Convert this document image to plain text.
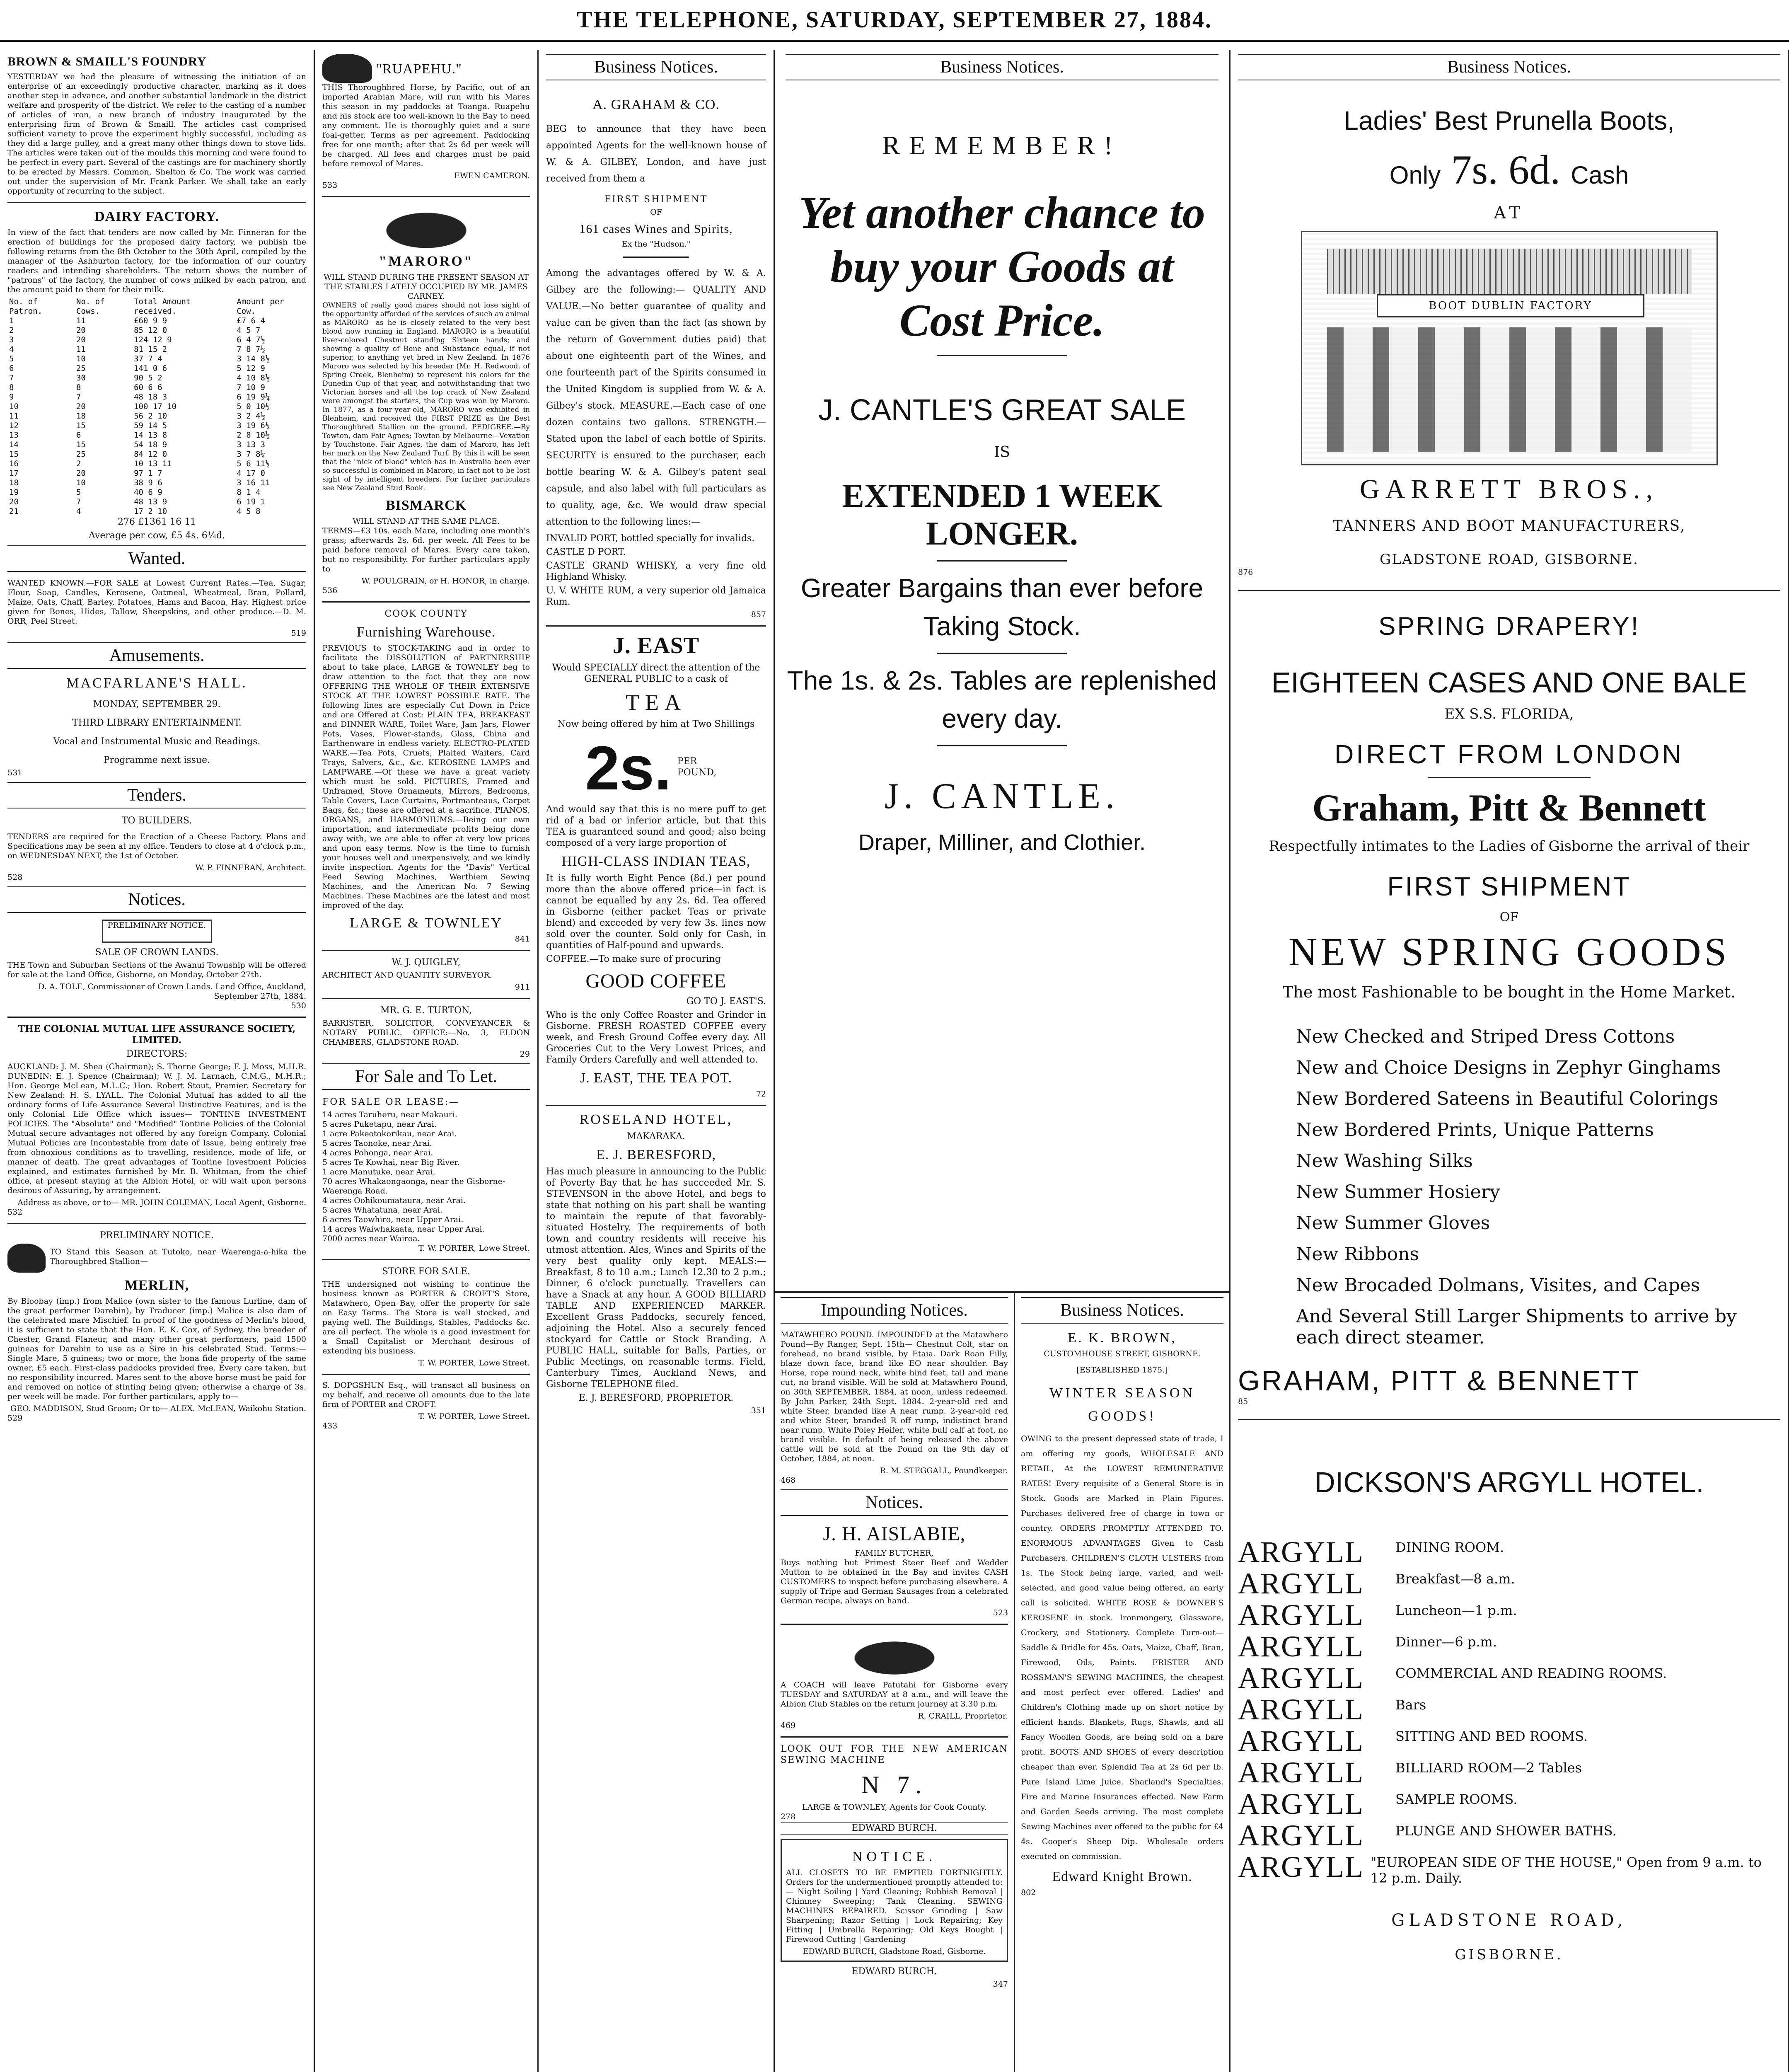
THE TELEPHONE, SATURDAY, SEPTEMBER 27, 1884.
BROWN & SMAILL'S FOUNDRY

YESTERDAY we had the pleasure of witnessing the initiation of an enterprise of an exceedingly productive character, marking as it does another step in advance, and another substantial landmark in the district welfare and prosperity of the district. We refer to the casting of a number of articles of iron, a new branch of industry inaugurated by the enterprising firm of Brown & Smaill. The articles cast comprised sufficient variety to prove the experiment highly successful, including as they did a large pulley, and a great many other things down to stove lids. The articles were taken out of the moulds this morning and were found to be perfect in every part. Several of the castings are for machinery shortly to be erected by Messrs. Common, Shelton & Co. The work was carried out under the supervision of Mr. Frank Parker. We shall take an early opportunity of recurring to the subject.

DAIRY FACTORY.

In view of the fact that tenders are now called by Mr. Finneran for the erection of buildings for the proposed dairy factory, we publish the following returns from the 8th October to the 30th April, compiled by the manager of the Ashburton factory, for the information of our country readers and intending shareholders. The return shows the number of "patrons" of the factory, the number of cows milked by each patron, and the amount paid to them for their milk.

No. of Patron.	No. of Cows.	Total Amount received.	Amount per Cow.
1	11	£60 9 9	£7 6 4
2	20	85 12 0	4 5 7
3	20	124 12 9	6 4 7½
4	11	81 15 2	7 8 7½
5	10	37 7 4	3 14 8½
6	25	141 0 6	5 12 9
7	30	90 5 2	4 10 8½
8	8	60 6 6	7 10 9
9	7	48 18 3	6 19 9¼
10	20	100 17 10	5 0 10½
11	18	56 2 10	3 2 4½
12	15	59 14 5	3 19 6½
13	6	14 13 8	2 8 10½
14	15	54 18 9	3 13 3
15	25	84 12 0	3 7 8¼
16	2	10 13 11	5 6 11½
17	20	97 1 7	4 17 0
18	10	38 9 6	3 16 11
19	5	40 6 9	8 1 4
20	7	48 13 9	6 19 1
21	4	17 2 10	4 5 8
276 £1361 16 11
Average per cow, £5 4s. 6¼d.
Wanted.

WANTED KNOWN.—FOR SALE at Lowest Current Rates.—Tea, Sugar, Flour, Soap, Candles, Kerosene, Oatmeal, Wheatmeal, Bran, Pollard, Maize, Oats, Chaff, Barley, Potatoes, Hams and Bacon, Hay. Highest price given for Bones, Hides, Tallow, Sheepskins, and other produce.—D. M. ORR, Peel Street.

519
Amusements.
MACFARLANE'S HALL.
MONDAY, SEPTEMBER 29.
THIRD LIBRARY ENTERTAINMENT.
Vocal and Instrumental Music and Readings.
Programme next issue.
531
Tenders.
TO BUILDERS.

TENDERS are required for the Erection of a Cheese Factory. Plans and Specifications may be seen at my office. Tenders to close at 4 o'clock p.m., on WEDNESDAY NEXT, the 1st of October.

W. P. FINNERAN, Architect.
528
Notices.
PRELIMINARY NOTICE.
SALE OF CROWN LANDS.

THE Town and Suburban Sections of the Awanui Township will be offered for sale at the Land Office, Gisborne, on Monday, October 27th.

D. A. TOLE, Commissioner of Crown Lands. Land Office, Auckland, September 27th, 1884.
530
THE COLONIAL MUTUAL LIFE ASSURANCE SOCIETY, LIMITED.
DIRECTORS:

AUCKLAND: J. M. Shea (Chairman); S. Thorne George; F. J. Moss, M.H.R. DUNEDIN: E. J. Spence (Chairman); W. J. M. Larnach, C.M.G., M.H.R.; Hon. George McLean, M.L.C.; Hon. Robert Stout, Premier. Secretary for New Zealand: H. S. LYALL. The Colonial Mutual has added to all the ordinary forms of Life Assurance Several Distinctive Features, and is the only Colonial Life Office which issues— TONTINE INVESTMENT POLICIES. The "Absolute" and "Modified" Tontine Policies of the Colonial Mutual secure advantages not offered by any foreign Company. Colonial Mutual Policies are Incontestable from date of Issue, being entirely free from obnoxious conditions as to travelling, residence, mode of life, or manner of death. The great advantages of Tontine Investment Policies explained, and estimates furnished by Mr. B. Whitman, from the chief office, at present staying at the Albion Hotel, or will wait upon persons desirous of Assuring, by arrangement.

Address as above, or to— MR. JOHN COLEMAN, Local Agent, Gisborne.
532
PRELIMINARY NOTICE.

TO Stand this Season at Tutoko, near Waerenga-a-hika the Thoroughbred Stallion—

MERLIN,

By Bloobay (imp.) from Malice (own sister to the famous Lurline, dam of the great performer Darebin), by Traducer (imp.) Malice is also dam of the celebrated mare Mischief. In proof of the goodness of Merlin's blood, it is sufficient to state that the Hon. E. K. Cox, of Sydney, the breeder of Chester, Grand Flaneur, and many other great performers, paid 1500 guineas for Darebin to use as a Sire in his celebrated Stud. Terms:—Single Mare, 5 guineas; two or more, the bona fide property of the same owner, £5 each. First-class paddocks provided free. Every care taken, but no responsibility incurred. Mares sent to the above horse must be paid for and removed on notice of stinting being given; otherwise a charge of 3s. per week will be made. For further particulars, apply to—

GEO. MADDISON, Stud Groom; Or to— ALEX. McLEAN, Waikohu Station.
529
"RUAPEHU."

THIS Thoroughbred Horse, by Pacific, out of an imported Arabian Mare, will run with his Mares this season in my paddocks at Toanga. Ruapehu and his stock are too well-known in the Bay to need any comment. He is thoroughly quiet and a sure foal-getter. Terms as per agreement. Paddocking free for one month; after that 2s 6d per week will be charged. All fees and charges must be paid before removal of Mares.

EWEN CAMERON.
533
"MARORO"
WILL STAND DURING THE PRESENT SEASON AT THE STABLES LATELY OCCUPIED BY MR. JAMES CARNEY.

OWNERS of really good mares should not lose sight of the opportunity afforded of the services of such an animal as MARORO—as he is closely related to the very best blood now running in England. MARORO is a beautiful liver-colored Chestnut standing Sixteen hands; and showing a quality of Bone and Substance equal, if not superior, to anything yet bred in New Zealand. In 1876 Maroro was selected by his breeder (Mr. H. Redwood, of Spring Creek, Blenheim) to represent his colors for the Dunedin Cup of that year, and notwithstanding that two Victorian horses and all the top crack of New Zealand were amongst the starters, the Cup was won by Maroro. In 1877, as a four-year-old, MARORO was exhibited in Blenheim, and received the FIRST PRIZE as the Best Thoroughbred Stallion on the ground. PEDIGREE.—By Towton, dam Fair Agnes; Towton by Melbourne—Vexation by Touchstone. Fair Agnes, the dam of Maroro, has left her mark on the New Zealand Turf. By this it will be seen that the "nick of blood" which has in Australia been ever so successful is combined in Maroro, in fact not to be lost sight of by intelligent breeders. For further particulars see New Zealand Stud Book.

BISMARCK
WILL STAND AT THE SAME PLACE.

TERMS—£3 10s. each Mare, including one month's grass; afterwards 2s. 6d. per week. All Fees to be paid before removal of Mares. Every care taken, but no responsibility. For further particulars apply to

W. POULGRAIN, or H. HONOR, in charge.
536
COOK COUNTY
Furnishing Warehouse.

PREVIOUS to STOCK-TAKING and in order to facilitate the DISSOLUTION of PARTNERSHIP about to take place, LARGE & TOWNLEY beg to draw attention to the fact that they are now OFFERING THE WHOLE OF THEIR EXTENSIVE STOCK AT THE LOWEST POSSIBLE RATE. The following lines are especially Cut Down in Price and are Offered at Cost: PLAIN TEA, BREAKFAST and DINNER WARE, Toilet Ware, Jam Jars, Flower Pots, Vases, Flower-stands, Glass, China and Earthenware in endless variety. ELECTRO-PLATED WARE.—Tea Pots, Cruets, Plaited Waiters, Card Trays, Salvers, &c., &c. KEROSENE LAMPS and LAMPWARE.—Of these we have a great variety which must be sold. PICTURES, Framed and Unframed, Stove Ornaments, Mirrors, Bedrooms, Table Covers, Lace Curtains, Portmanteaus, Carpet Bags, &c.; these are offered at a sacrifice. PIANOS, ORGANS, and HARMONIUMS.—Being our own importation, and intermediate profits being done away with, we are able to offer at very low prices and upon easy terms. Now is the time to furnish your houses well and unexpensively, and we kindly invite inspection. Agents for the "Davis" Vertical Feed Sewing Machines, Werthiem Sewing Machines, and the American No. 7 Sewing Machines. These Machines are the latest and most improved of the day.

LARGE & TOWNLEY
841
W. J. QUIGLEY,

ARCHITECT AND QUANTITY SURVEYOR.

911
MR. G. E. TURTON,

BARRISTER, SOLICITOR, CONVEYANCER & NOTARY PUBLIC. OFFICE:—No. 3, ELDON CHAMBERS, GLADSTONE ROAD.

29
For Sale and To Let.
FOR SALE OR LEASE:—
14 acres Taruheru, near Makauri.
5 acres Puketapu, near Arai.
1 acre Pakeotokorikau, near Arai.
5 acres Taonoke, near Arai.
4 acres Pohonga, near Arai.
5 acres Te Kowhai, near Big River.
1 acre Manutuke, near Arai.
70 acres Whakaongaonga, near the Gisborne-Waerenga Road.
4 acres Oohikoumataura, near Arai.
5 acres Whatatuna, near Arai.
6 acres Taowhiro, near Upper Arai.
14 acres Waiwhakaata, near Upper Arai.
7000 acres near Wairoa.
T. W. PORTER, Lowe Street.
STORE FOR SALE.

THE undersigned not wishing to continue the business known as PORTER & CROFT'S Store, Matawhero, Open Bay, offer the property for sale on Easy Terms. The Store is well stocked, and paying well. The Buildings, Stables, Paddocks &c. are all perfect. The whole is a good investment for a Small Capitalist or Merchant desirous of extending his business.

T. W. PORTER, Lowe Street.

S. DOPGSHUN Esq., will transact all business on my behalf, and receive all amounts due to the late firm of PORTER and CROFT.

T. W. PORTER, Lowe Street.
433
Business Notices.
A. GRAHAM & CO.

BEG to announce that they have been appointed Agents for the well-known house of W. & A. GILBEY, London, and have just received from them a

FIRST SHIPMENT
OF
161 cases Wines and Spirits,
Ex the "Hudson."

Among the advantages offered by W. & A. Gilbey are the following:— QUALITY AND VALUE.—No better guarantee of quality and value can be given than the fact (as shown by the return of Government duties paid) that about one eighteenth part of the Wines, and one fourteenth part of the Spirits consumed in the United Kingdom is supplied from W. & A. Gilbey's stock. MEASURE.—Each case of one dozen contains two gallons. STRENGTH.—Stated upon the label of each bottle of Spirits. SECURITY is ensured to the purchaser, each bottle bearing W. & A. Gilbey's patent seal capsule, and also label with full particulars as to quality, age, &c. We would draw special attention to the following lines:—

INVALID PORT, bottled specially for invalids.
CASTLE D PORT.
CASTLE GRAND WHISKY, a very fine old Highland Whisky.
U. V. WHITE RUM, a very superior old Jamaica Rum.
857
J. EAST

Would SPECIALLY direct the attention of the GENERAL PUBLIC to a cask of

TEA

Now being offered by him at Two Shillings

2s. PER POUND,

And would say that this is no mere puff to get rid of a bad or inferior article, but that this TEA is guaranteed sound and good; also being composed of a very large proportion of

HIGH-CLASS INDIAN TEAS,

It is fully worth Eight Pence (8d.) per pound more than the above offered price—in fact is cannot be equalled by any 2s. 6d. Tea offered in Gisborne (either packet Teas or private blend) and exceeded by very few 3s. lines now sold over the counter. Sold only for Cash, in quantities of Half-pound and upwards.

COFFEE.—To make sure of procuring
GOOD COFFEE
GO TO J. EAST'S.

Who is the only Coffee Roaster and Grinder in Gisborne. FRESH ROASTED COFFEE every week, and Fresh Ground Coffee every day. All Groceries Cut to the Very Lowest Prices, and Family Orders Carefully and well attended to.

J. EAST, THE TEA POT.
72
ROSELAND HOTEL,
MAKARAKA.
E. J. BERESFORD,

Has much pleasure in announcing to the Public of Poverty Bay that he has succeeded Mr. S. STEVENSON in the above Hotel, and begs to state that nothing on his part shall be wanting to maintain the repute of that favorably-situated Hostelry. The requirements of both town and country residents will receive his utmost attention. Ales, Wines and Spirits of the very best quality only kept. MEALS:—Breakfast, 8 to 10 a.m.; Lunch 12.30 to 2 p.m.; Dinner, 6 o'clock punctually. Travellers can have a Snack at any hour. A GOOD BILLIARD TABLE AND EXPERIENCED MARKER. Excellent Grass Paddocks, securely fenced, adjoining the Hotel. Also a securely fenced stockyard for Cattle or Stock Branding. A PUBLIC HALL, suitable for Balls, Parties, or Public Meetings, on reasonable terms. Field, Canterbury Times, Auckland News, and Gisborne TELEPHONE filed.

E. J. BERESFORD, PROPRIETOR.
351
Business Notices.
REMEMBER!
Yet another chance to buy your Goods at Cost Price.
J. CANTLE'S GREAT SALE
IS
EXTENDED 1 WEEK LONGER.
Greater Bargains than ever before Taking Stock.
The 1s. & 2s. Tables are replenished every day.
J. CANTLE.
Draper, Milliner, and Clothier.
Impounding Notices.

MATAWHERO POUND. IMPOUNDED at the Matawhero Pound—By Ranger, Sept. 15th— Chestnut Colt, star on forehead, no brand visible, by Etaia. Dark Roan Filly, blaze down face, brand like EO near shoulder. Bay Horse, rope round neck, white hind feet, tail and mane cut, no brand visible. Will be sold at Matawhero Pound, on 30th SEPTEMBER, 1884, at noon, unless redeemed. By John Parker, 24th Sept. 1884. 2-year-old red and white Steer, branded like A near rump. 2-year-old red and white Steer, branded R off rump, indistinct brand near rump. White Poley Heifer, white bull calf at foot, no brand visible. In default of being released the above cattle will be sold at the Pound on the 9th day of October, 1884, at noon.

R. M. STEGGALL, Poundkeeper.
468
Notices.
J. H. AISLABIE,
FAMILY BUTCHER,

Buys nothing but Primest Steer Beef and Wedder Mutton to be obtained in the Bay and invites CASH CUSTOMERS to inspect before purchasing elsewhere. A supply of Tripe and German Sausages from a celebrated German recipe, always on hand.

523

A COACH will leave Patutahi for Gisborne every TUESDAY and SATURDAY at 8 a.m., and will leave the Albion Club Stables on the return journey at 3.30 p.m.

R. CRAILL, Proprietor.
469
LOOK OUT FOR THE NEW AMERICAN SEWING MACHINE
N 7.
LARGE & TOWNLEY, Agents for Cook County.
278
EDWARD BURCH.
NOTICE.

ALL CLOSETS TO BE EMPTIED FORTNIGHTLY. Orders for the undermentioned promptly attended to:— Night Soiling | Yard Cleaning; Rubbish Removal | Chimney Sweeping; Tank Cleaning. SEWING MACHINES REPAIRED. Scissor Grinding | Saw Sharpening; Razor Setting | Lock Repairing; Key Fitting | Umbrella Repairing; Old Keys Bought | Firewood Cutting | Gardening

EDWARD BURCH, Gladstone Road, Gisborne.
EDWARD BURCH.
347
Business Notices.
E. K. BROWN,
CUSTOMHOUSE STREET, GISBORNE.
[ESTABLISHED 1875.]
WINTER SEASON GOODS!

OWING to the present depressed state of trade, I am offering my goods, WHOLESALE AND RETAIL, At the LOWEST REMUNERATIVE RATES! Every requisite of a General Store is in Stock. Goods are Marked in Plain Figures. Purchases delivered free of charge in town or country. ORDERS PROMPTLY ATTENDED TO. ENORMOUS ADVANTAGES Given to Cash Purchasers. CHILDREN'S CLOTH ULSTERS from 1s. The Stock being large, varied, and well-selected, and good value being offered, an early call is solicited. WHITE ROSE & DOWNER'S KEROSENE in stock. Ironmongery, Glassware, Crockery, and Stationery. Complete Turn-out—Saddle & Bridle for 45s. Oats, Maize, Chaff, Bran, Firewood, Oils, Paints. FRISTER AND ROSSMAN'S SEWING MACHINES, the cheapest and most perfect ever offered. Ladies' and Children's Clothing made up on short notice by efficient hands. Blankets, Rugs, Shawls, and all Fancy Woollen Goods, are being sold on a bare profit. BOOTS AND SHOES of every description cheaper than ever. Splendid Tea at 2s 6d per lb. Pure Island Lime Juice. Sharland's Specialties. Fire and Marine Insurances effected. New Farm and Garden Seeds arriving. The most complete Sewing Machines ever offered to the public for £4 4s. Cooper's Sheep Dip. Wholesale orders executed on commission.

Edward Knight Brown.
802
Business Notices.
Ladies' Best Prunella Boots,
Only 7s. 6d. Cash
AT
BOOT DUBLIN FACTORY
GARRETT BROS.,
TANNERS AND BOOT MANUFACTURERS,
GLADSTONE ROAD, GISBORNE.
876
SPRING DRAPERY!
EIGHTEEN CASES AND ONE BALE
EX S.S. FLORIDA,
DIRECT FROM LONDON
Graham, Pitt & Bennett
Respectfully intimates to the Ladies of Gisborne the arrival of their
FIRST SHIPMENT
OF
NEW SPRING GOODS
The most Fashionable to be bought in the Home Market.
New Checked and Striped Dress Cottons
New and Choice Designs in Zephyr Ginghams
New Bordered Sateens in Beautiful Colorings
New Bordered Prints, Unique Patterns
New Washing Silks
New Summer Hosiery
New Summer Gloves
New Ribbons
New Brocaded Dolmans, Visites, and Capes
And Several Still Larger Shipments to arrive by each direct steamer.
GRAHAM, PITT & BENNETT
85
DICKSON'S ARGYLL HOTEL.
ARGYLL	DINING ROOM.
ARGYLL	Breakfast—8 a.m.
ARGYLL	Luncheon—1 p.m.
ARGYLL	Dinner—6 p.m.
ARGYLL	COMMERCIAL AND READING ROOMS.
ARGYLL	Bars
ARGYLL	SITTING AND BED ROOMS.
ARGYLL	BILLIARD ROOM—2 Tables
ARGYLL	SAMPLE ROOMS.
ARGYLL	PLUNGE AND SHOWER BATHS.
ARGYLL "EUROPEAN SIDE OF THE HOUSE," Open from 9 a.m. to 12 p.m. Daily.
GLADSTONE ROAD,
GISBORNE.
